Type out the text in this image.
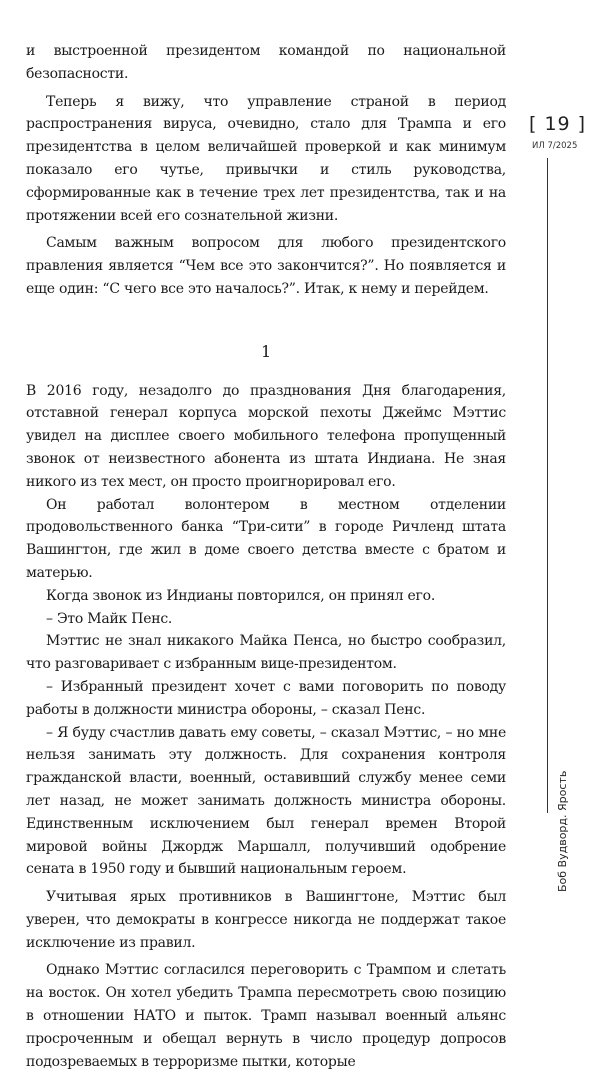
и выстроенной президентом командой по национальной безопасности.

Теперь я вижу, что управление страной в период распространения вируса, очевидно, стало для Трампа и его президентства в целом величайшей проверкой и как минимум показало его чутье, привычки и стиль руководства, сформированные как в течение трех лет президентства, так и на протяжении всей его сознательной жизни.

Самым важным вопросом для любого президентского правления является “Чем все это закончится?”. Но появляется и еще один: “С чего все это началось?”. Итак, к нему и перейдем.

1

В 2016 году, незадолго до празднования Дня благодарения, отставной генерал корпуса морской пехоты Джеймс Мэттис увидел на дисплее своего мобильного телефона пропущенный звонок от неизвестного абонента из штата Индиана. Не зная никого из тех мест, он просто проигнорировал его.

Он работал волонтером в местном отделении продовольственного банка “Три-сити” в городе Ричленд штата Вашингтон, где жил в доме своего детства вместе с братом и матерью.

Когда звонок из Индианы повторился, он принял его.

– Это Майк Пенс.

Мэттис не знал никакого Майка Пенса, но быстро сообразил, что разговаривает с избранным вице-президентом.

– Избранный президент хочет с вами поговорить по поводу работы в должности министра обороны, – сказал Пенс.

– Я буду счастлив давать ему советы, – сказал Мэттис, – но мне нельзя занимать эту должность. Для сохранения контроля гражданской власти, военный, оставивший службу менее семи лет назад, не может занимать должность министра обороны. Единственным исключением был генерал времен Второй мировой войны Джордж Маршалл, получивший одобрение сената в 1950 году и бывший национальным героем.

Учитывая ярых противников в Вашингтоне, Мэттис был уверен, что демократы в конгрессе никогда не поддержат такое исключение из правил.

Однако Мэттис согласился переговорить с Трампом и слетать на восток. Он хотел убедить Трампа пересмотреть свою позицию в отношении НАТО и пыток. Трамп называл военный альянс просроченным и обещал вернуть в число процедур допросов подозреваемых в терроризме пытки, которые

[ 19 ]
ИЛ 7/2025
Боб Вудворд. Ярость
